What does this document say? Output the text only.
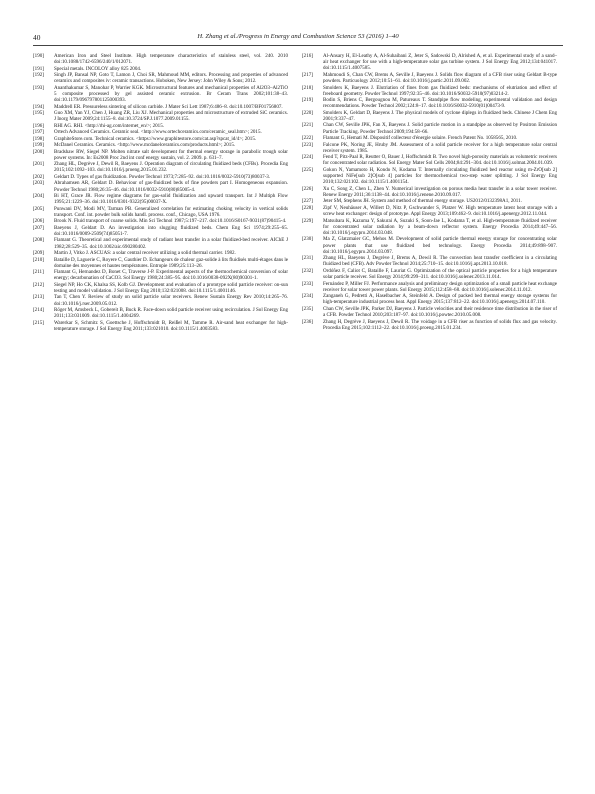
40	H. Zhang et al./Progress in Energy and Combustion Science 53 (2016) 1–40
[190]	American Iron and Steel Institute. High temperature characteristics of stainless steel, vol. 240. 2010 doi:10.1088/1742-6596/240/1/012071.
[191]	Special metals. INCOLOY alloy 825 2004.
[192]	Singh JP, Bansal NP, Goto T, Lamon J, Choi SR, Mahmoud MM, editors. Processing and properties of advanced ceramics and composites iv: ceramic transactions. Hoboken, New Jersey: John Wiley & Sons; 2012.
[193]	Ananthakumar S, Manohar P, Warrier KGK. Microstructural features and mechanical properties of Al2O3–Al2TiO 5 composite processed by gel assisted ceramic extrusion. Br Ceram Trans 2002;101:38–43. doi:10.1179/096797801125000393.
[194]	Maddrell ER. Pressureless sintering of silicon carbide. J Mater Sci Lett 1987;6:486–8. doi:10.1007/BF01756807.
[195]	Guo XM, Yan YJ, Chen J, Huang ZR, Liu XJ. Mechanical properties and microstructure of extruded SiC ceramics. J Inorg Mater 2009;24:1155–8. doi:10.3724/SP.J.1077.2009.01155.
[196]	RHI AG. RHI. <http://rhi-ag.com/internet_en/>; 2015.
[197]	Ortech Advanced Ceramics. Ceramic seal. <http://www.ortechceramics.com/ceramic_seal.htm>; 2015.
[198]	GraphiteStore.com. Technical ceramics. <https://www.graphitestore.com/cat.asp?spcat_id/4>; 2015.
[199]	McDanel Ceramics. Ceramics. <http://www.mcdanelceramics.com/products.html>; 2015.
[200]	Bradshaw RW, Siegel NP. Molten nitrate salt development for thermal energy storage in parabolic trough solar power systems. In: Es2008 Proc 2nd int conf energy sustain, vol. 2. 2009. p. 631–7.
[201]	Zhang HL, Degrève J, Dewil R, Baeyens J. Operation diagram of circulating fluidized beds (CFBs). Procedia Eng 2015;102:1092–103. doi:10.1016/j.proeng.2015.01.232.
[202]	Geldart D. Types of gas fluidization. Powder Technol 1973;7:285–92. doi:10.1016/0032-5910(73)80037-3.
[203]	Abrahamsen AR, Geldart D. Behaviour of gas-fluidized beds of fine powders part I. Homogeneous expansion. Powder Technol 1980;26:35–46. doi:10.1016/0032-5910(80)85005-4.
[204]	Bi HT, Grace JR. Flow regime diagrams for gas-solid fluidization and upward transport. Int J Multiph Flow 1995;21:1229–36. doi:10.1016/0301-9322(95)00037-X.
[205]	Punwani DV, Modi MV, Tarman PB. Generalized correlation for estimating choking velocity in vertical solids transport. Conf. int. powder bulk solids handl. process. conf., Chicago, USA 1976.
[206]	Brook N. Fluid transport of coarse solids. Min Sci Technol 1987;5:197–217. doi:10.1016/S0167-9031(87)90415-4.
[207]	Baeyens J, Geldart D. An investigation into slugging fluidized beds. Chem Eng Sci 1974;29:255–65. doi:10.1016/0009-2509(74)85051-7.
[208]	Flamant G. Theoretical and experimental study of radiant heat transfer in a solar fluidized-bed receiver. AIChE J 1982;28:529–35. doi:10.1002/aic.690280402.
[209]	Martin J, Vitko J. ASCUAS: a solar central receiver utilizing a solid thermal carrier. 1982.
[210]	Bataille D, Laguerie C, Royere C, Gauthier D. Echangeurs de chaleur gaz-solide à lits fluidisés multi-étages dans le domaine des moyennes et hautes températures. Entropie 1989;25:113–26.
[211]	Flamant G, Hernandez D, Bonet C, Traverse J-P. Experimental aspects of the thermochemical conversion of solar energy; decarbonation of CaCO3. Sol Energy 1980;24:385–95. doi:10.1016/0038-092X(80)90301-1.
[212]	Siegel NP, Ho CK, Khalsa SS, Kolb GJ. Development and evaluation of a prototype solid particle receiver: on-sun testing and model validation. J Sol Energy Eng 2010;132:021008. doi:10.1115/1.4001146.
[213]	Tan T, Chen Y. Review of study on solid particle solar receivers. Renew Sustain Energy Rev 2010;14:265–76. doi:10.1016/j.rser.2009.05.012.
[214]	Röger M, Amsbeck L, Gobereit B, Buck R. Face-down solid particle receiver using recirculation. J Sol Energy Eng 2011;133:031009. doi:10.1115/1.4004269.
[215]	Warerkar S, Schmitz S, Goettsche J, Hoffschmidt B, Reißel M, Tamme R. Air-sand heat exchanger for high-temperature storage. J Sol Energy Eng 2011;133:021010. doi:10.1115/1.4003583.
[216]	Al-Ansary H, El-Leathy A, Al-Suhaibani Z, Jeter S, Sadowski D, Alrished A, et al. Experimental study of a sand–air heat exchanger for use with a high-temperature solar gas turbine system. J Sol Energy Eng 2012;134:041017. doi:10.1115/1.4007585.
[217]	Mahmoudi S, Chan CW, Brems A, Seville J, Baeyens J. Solids flow diagram of a CFB riser using Geldart B-type powders. Particuology 2012;10:51–61. doi:10.1016/j.partic.2011.09.002.
[218]	Smolders K, Baeyens J. Elutriation of fines from gas fluidized beds: mechanisms of elutriation and effect of freeboard geometry. Powder Technol 1997;92:35–46. doi:10.1016/S0032-5910(97)03214-2.
[219]	Bodin S, Briens C, Bergougnou M, Patureaux T. Standpipe flow modeling, experimental validation and design recommendations. Powder Technol 2002;124:8–17. doi:10.1016/S0032-5910(01)00473-9.
[220]	Smolders K, Geldart D, Baeyens J. The physical models of cyclone diplegs in fluidized beds. Chinese J Chem Eng 2001;9:337–47.
[221]	Chan CW, Seville JPK, Fan X, Baeyens J. Solid particle motion in a standpipe as observed by Positron Emission Particle Tracking. Powder Technol 2009;194:58–66.
[222]	Flamant G, Hemati M. Dispositif collecteur d'énergie solaire. French Patent No. 1058565, 2010.
[223]	Falcone PK, Noring JE, Hruby JM. Assessment of a solid particle receiver for a high temperature solar central receiver system. 1985.
[224]	Fend T, Pitz-Paal R, Reutter O, Bauer J, Hoffschmidt B. Two novel high-porosity materials as volumetric receivers for concentrated solar radiation. Sol Energy Mater Sol Cells 2004;84:291–304. doi:10.1016/j.solmat.2004.01.039.
[225]	Gokon N, Yamamoto H, Kondo N, Kodama T. Internally circulating fluidized bed reactor using m-ZrO[sub 2] supported NiFe[sub 2]O[sub 4] particles for thermochemical two-step water splitting. J Sol Energy Eng 2010;132:021102. doi:10.1115/1.4001154.
[226]	Xu C, Song Z, Chen L, Zhen Y. Numerical investigation on porous media heat transfer in a solar tower receiver. Renew Energy 2011;36:1138–44. doi:10.1016/j.renene.2010.09.017.
[227]	Jeter SM, Stephens JH. System and method of thermal energy storage. US2012/0132398A1, 2011.
[228]	Zipf V, Neuhäuser A, Willert D, Nitz P, Gschwander S, Platzer W. High temperature latent heat storage with a screw heat exchanger: design of prototype. Appl Energy 2013;109:462–9. doi:10.1016/j.apenergy.2012.11.044.
[229]	Matsubara K, Kazuma Y, Sakurai A, Suzuki S, Soon-Jae L, Kodama T, et al. High-temperature fluidized receiver for concentrated solar radiation by a beam-down reflector system. Energy Procedia 2014;49:447–56. doi:10.1016/j.egypro.2014.03.048.
[230]	Ma Z, Glatzmaier GC, Mehos M. Development of solid particle thermal energy storage for concentrating solar power plants that use fluidized bed technology. Energy Procedia 2014;49:898–907. doi:10.1016/j.egypro.2014.03.097.
[231]	Zhang HL, Baeyens J, Degrève J, Brems A, Dewil R. The convection heat transfer coefficient in a circulating fluidized bed (CFB). Adv Powder Technol 2014;25:710–15. doi:10.1016/j.apt.2013.10.018.
[232]	Ordóñez F, Caliot C, Bataille F, Lauriat G. Optimization of the optical particle properties for a high temperature solar particle receiver. Sol Energy 2014;99:299–311. doi:10.1016/j.solener.2013.11.014.
[233]	Fernández P, Miller FJ. Performance analysis and preliminary design optimization of a small particle heat exchange receiver for solar tower power plants. Sol Energy 2015;112:458–68. doi:10.1016/j.solener.2014.11.012.
[234]	Zanganeh G, Pedretti A, Haselbacher A, Steinfeld A. Design of packed bed thermal energy storage systems for high-temperature industrial process heat. Appl Energy 2015;137:812–22. doi:10.1016/j.apenergy.2014.07.110.
[235]	Chan CW, Seville JPK, Parker DJ, Baeyens J. Particle velocities and their residence time distribution in the riser of a CFB. Powder Technol 2010;203:187–97. doi:10.1016/j.powtec.2010.05.008.
[236]	Zhang H, Degrève J, Baeyens J, Dewil R. The voidage in a CFB riser as function of solids flux and gas velocity. Procedia Eng 2015;102:1112–22. doi:10.1016/j.proeng.2015.01.234.
